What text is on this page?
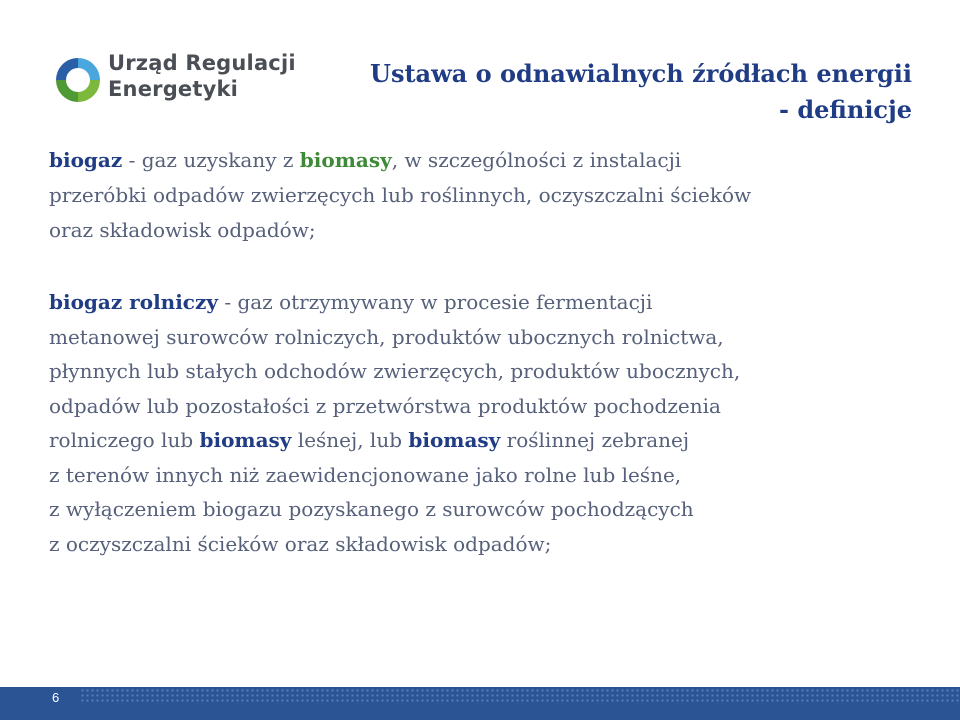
Urząd Regulacji
Energetyki
Ustawa o odnawialnych źródłach energii
- definicje

biogaz - gaz uzyskany z biomasy, w szczególności z instalacji
przeróbki odpadów zwierzęcych lub roślinnych, oczyszczalni ścieków
oraz składowisk odpadów;

biogaz rolniczy - gaz otrzymywany w procesie fermentacji
metanowej surowców rolniczych, produktów ubocznych rolnictwa,
płynnych lub stałych odchodów zwierzęcych, produktów ubocznych,
odpadów lub pozostałości z przetwórstwa produktów pochodzenia
rolniczego lub biomasy leśnej, lub biomasy roślinnej zebranej
z terenów innych niż zaewidencjonowane jako rolne lub leśne,
z wyłączeniem biogazu pozyskanego z surowców pochodzących
z oczyszczalni ścieków oraz składowisk odpadów;

6
